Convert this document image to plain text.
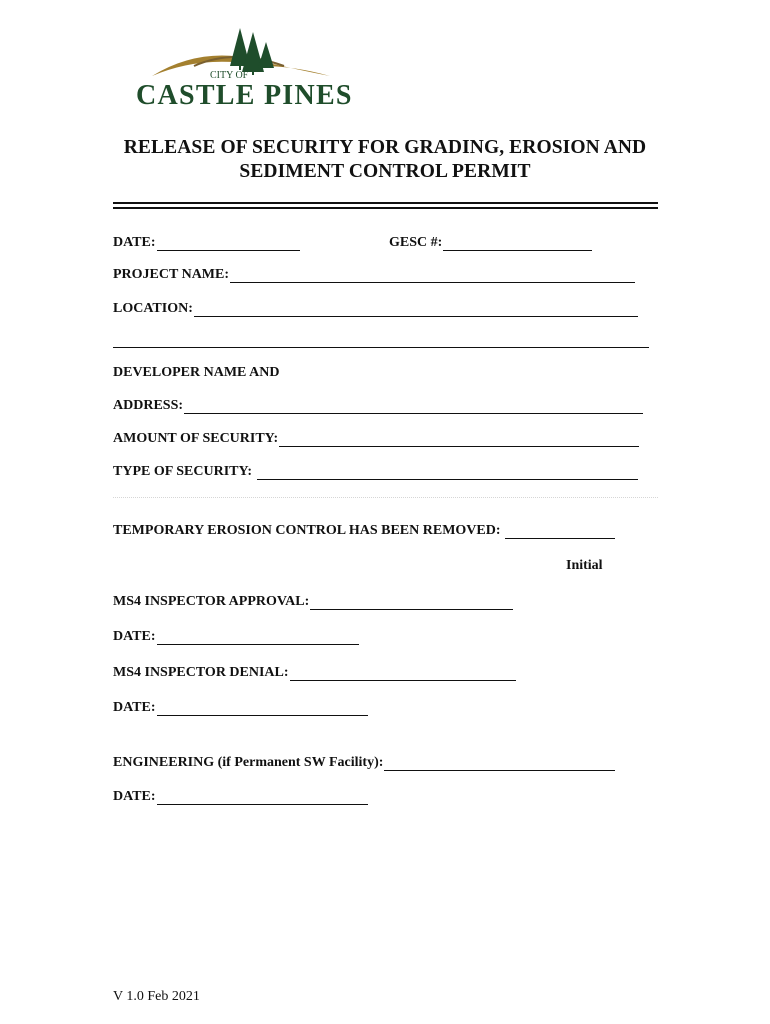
CITY OF
CASTLE PINES
RELEASE OF SECURITY FOR GRADING, EROSION AND
SEDIMENT CONTROL PERMIT
DATE:	GESC #:
PROJECT NAME:
LOCATION:
DEVELOPER NAME AND
ADDRESS:
AMOUNT OF SECURITY:
TYPE OF SECURITY:
TEMPORARY EROSION CONTROL HAS BEEN REMOVED:
Initial
MS4 INSPECTOR APPROVAL:
DATE:
MS4 INSPECTOR DENIAL:
DATE:
ENGINEERING (if Permanent SW Facility):
DATE:
V 1.0 Feb 2021
